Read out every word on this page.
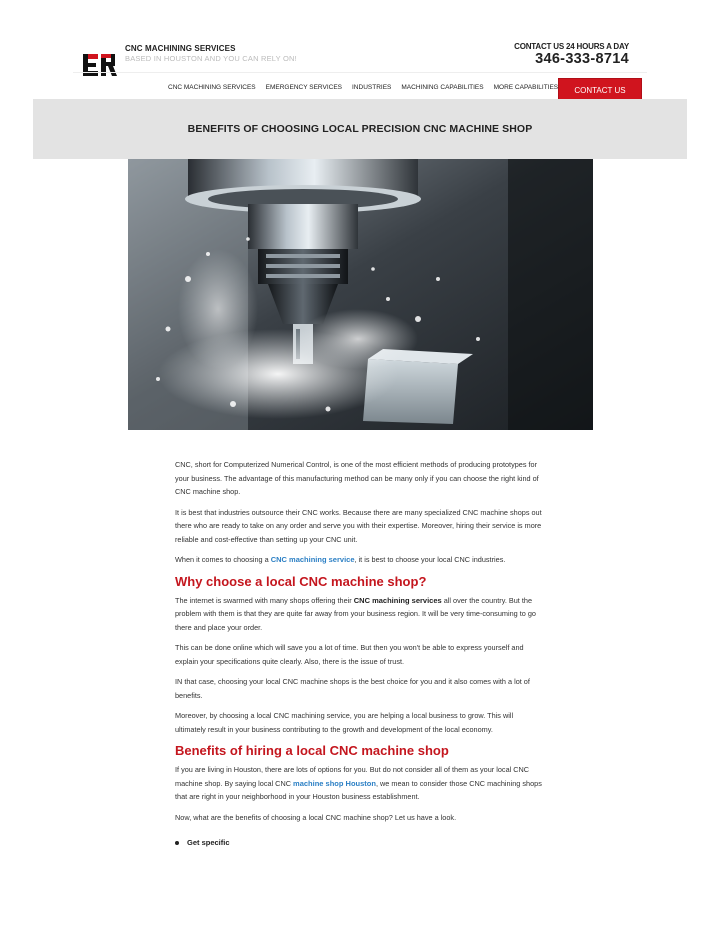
CNC MACHINING SERVICES
BASED IN HOUSTON AND YOU CAN RELY ON!
CONTACT US 24 HOURS A DAY
346-333-8714
CNC MACHINING SERVICES EMERGENCY SERVICES INDUSTRIES MACHINING CAPABILITIES MORE CAPABILITIES	CONTACT US
BENEFITS OF CHOOSING LOCAL PRECISION CNC MACHINE SHOP

CNC, short for Computerized Numerical Control, is one of the most efficient methods of producing prototypes for your business. The advantage of this manufacturing method can be many only if you can choose the right kind of CNC machine shop.

It is best that industries outsource their CNC works. Because there are many specialized CNC machine shops out there who are ready to take on any order and serve you with their expertise. Moreover, hiring their service is more reliable and cost-effective than setting up your CNC unit.

When it comes to choosing a CNC machining service, it is best to choose your local CNC industries.

Why choose a local CNC machine shop?

The internet is swarmed with many shops offering their CNC machining services all over the country. But the problem with them is that they are quite far away from your business region. It will be very time-consuming to go there and place your order.

This can be done online which will save you a lot of time. But then you won't be able to express yourself and explain your specifications quite clearly. Also, there is the issue of trust.

IN that case, choosing your local CNC machine shops is the best choice for you and it also comes with a lot of benefits.

Moreover, by choosing a local CNC machining service, you are helping a local business to grow. This will ultimately result in your business contributing to the growth and development of the local economy.

Benefits of hiring a local CNC machine shop

If you are living in Houston, there are lots of options for you. But do not consider all of them as your local CNC machine shop. By saying local CNC machine shop Houston, we mean to consider those CNC machining shops that are right in your neighborhood in your Houston business establishment.

Now, what are the benefits of choosing a local CNC machine shop? Let us have a look.

Get specific
